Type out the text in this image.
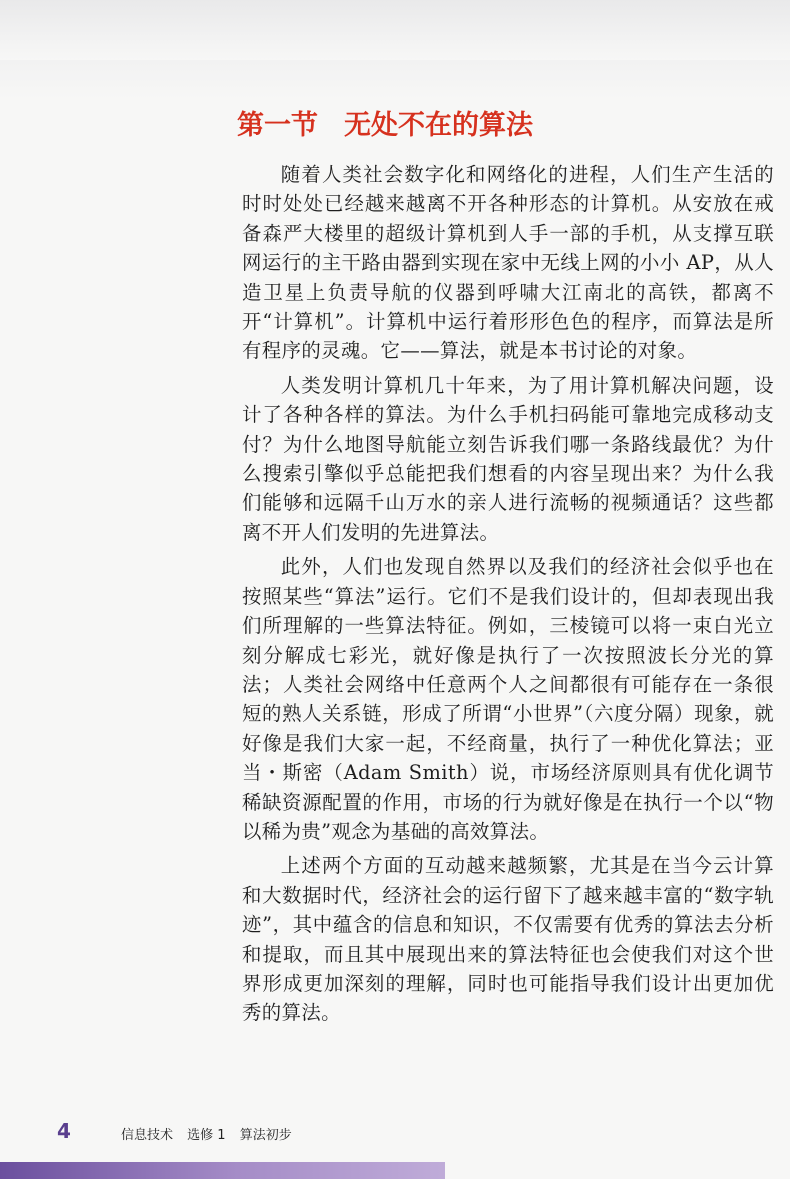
第一节 无处不在的算法

随着人类社会数字化和网络化的进程，人们生产生活的时时处处已经越来越离不开各种形态的计算机。从安放在戒备森严大楼里的超级计算机到人手一部的手机，从支撑互联网运行的主干路由器到实现在家中无线上网的小小 AP，从人造卫星上负责导航的仪器到呼啸大江南北的高铁，都离不开“计算机”。计算机中运行着形形色色的程序，而算法是所有程序的灵魂。它——算法，就是本书讨论的对象。

人类发明计算机几十年来，为了用计算机解决问题，设计了各种各样的算法。为什么手机扫码能可靠地完成移动支付？为什么地图导航能立刻告诉我们哪一条路线最优？为什么搜索引擎似乎总能把我们想看的内容呈现出来？为什么我们能够和远隔千山万水的亲人进行流畅的视频通话？这些都离不开人们发明的先进算法。

此外，人们也发现自然界以及我们的经济社会似乎也在按照某些“算法”运行。它们不是我们设计的，但却表现出我们所理解的一些算法特征。例如，三棱镜可以将一束白光立刻分解成七彩光，就好像是执行了一次按照波长分光的算法；人类社会网络中任意两个人之间都很有可能存在一条很短的熟人关系链，形成了所谓“小世界”（六度分隔）现象，就好像是我们大家一起，不经商量，执行了一种优化算法；亚当・斯密（Adam Smith）说，市场经济原则具有优化调节稀缺资源配置的作用，市场的行为就好像是在执行一个以“物以稀为贵”观念为基础的高效算法。

上述两个方面的互动越来越频繁，尤其是在当今云计算和大数据时代，经济社会的运行留下了越来越丰富的“数字轨迹”，其中蕴含的信息和知识，不仅需要有优秀的算法去分析和提取，而且其中展现出来的算法特征也会使我们对这个世界形成更加深刻的理解，同时也可能指导我们设计出更加优秀的算法。

4	信息技术 选修 1 算法初步
